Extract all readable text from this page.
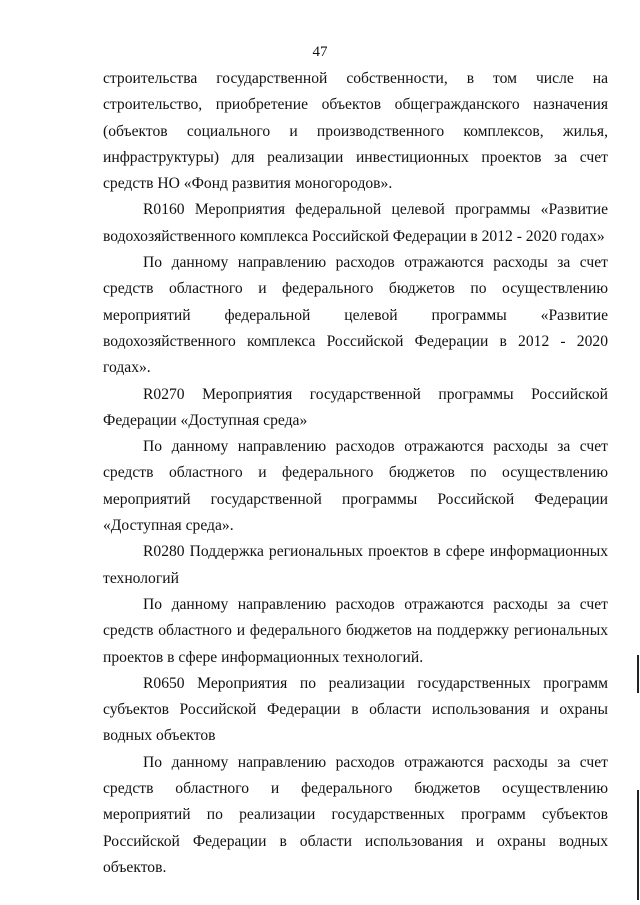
47

строительства государственной собственности, в том числе на строительство, приобретение объектов общегражданского назначения (объектов социального и производственного комплексов, жилья, инфраструктуры) для реализации инвестиционных проектов за счет средств НО «Фонд развития моногородов».

R0160 Мероприятия федеральной целевой программы «Развитие водохозяйственного комплекса Российской Федерации в 2012 - 2020 годах»

По данному направлению расходов отражаются расходы за счет средств областного и федерального бюджетов по осуществлению мероприятий федеральной целевой программы «Развитие водохозяйственного комплекса Российской Федерации в 2012 - 2020 годах».

R0270 Мероприятия государственной программы Российской Федерации «Доступная среда»

По данному направлению расходов отражаются расходы за счет средств областного и федерального бюджетов по осуществлению мероприятий государственной программы Российской Федерации «Доступная среда».

R0280 Поддержка региональных проектов в сфере информационных технологий

По данному направлению расходов отражаются расходы за счет средств областного и федерального бюджетов на поддержку региональных проектов в сфере информационных технологий.

R0650 Мероприятия по реализации государственных программ субъектов Российской Федерации в области использования и охраны водных объектов

По данному направлению расходов отражаются расходы за счет средств областного и федерального бюджетов осуществлению мероприятий по реализации государственных программ субъектов Российской Федерации в области использования и охраны водных объектов.
